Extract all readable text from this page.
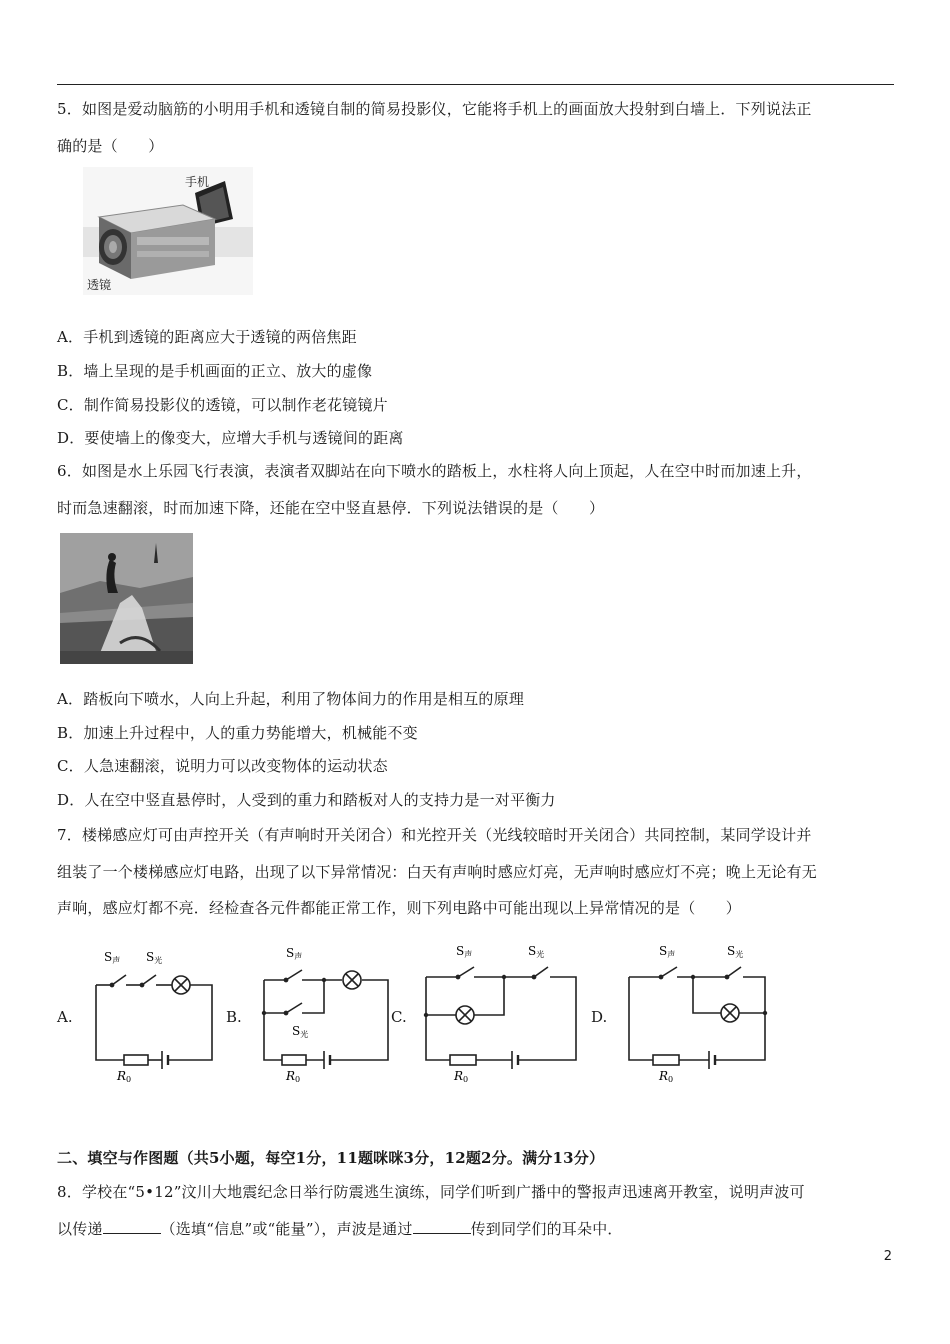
5．如图是爱动脑筋的小明用手机和透镜自制的简易投影仪，它能将手机上的画面放大投射到白墙上．下列说法正
确的是（　　）
手机
透镜
A．手机到透镜的距离应大于透镜的两倍焦距
B．墙上呈现的是手机画面的正立、放大的虚像
C．制作简易投影仪的透镜，可以制作老花镜镜片
D．要使墙上的像变大，应增大手机与透镜间的距离
6．如图是水上乐园飞行表演，表演者双脚站在向下喷水的踏板上，水柱将人向上顶起，人在空中时而加速上升，
时而急速翻滚，时而加速下降，还能在空中竖直悬停．下列说法错误的是（　　）
A．踏板向下喷水，人向上升起，利用了物体间力的作用是相互的原理
B．加速上升过程中，人的重力势能增大，机械能不变
C．人急速翻滚，说明力可以改变物体的运动状态
D．人在空中竖直悬停时，人受到的重力和踏板对人的支持力是一对平衡力
7．楼梯感应灯可由声控开关（有声响时开关闭合）和光控开关（光线较暗时开关闭合）共同控制，某同学设计并
组装了一个楼梯感应灯电路，出现了以下异常情况：白天有声响时感应灯亮，无声响时感应灯不亮；晚上无论有无
声响，感应灯都不亮．经检查各元件都能正常工作，则下列电路中可能出现以上异常情况的是（　　）
A.
S声 S光
R0
B.
S声
S光
R0
C.
S声	S光
R0
D.
S声	S光
R0
二、填空与作图题（共5小题，每空1分，11题咪咪3分，12题2分。满分13分）
8．学校在“5•12”汶川大地震纪念日举行防震逃生演练，同学们听到广播中的警报声迅速离开教室，说明声波可
以传递	（选填“信息”或“能量”），声波是通过	传到同学们的耳朵中．
2
